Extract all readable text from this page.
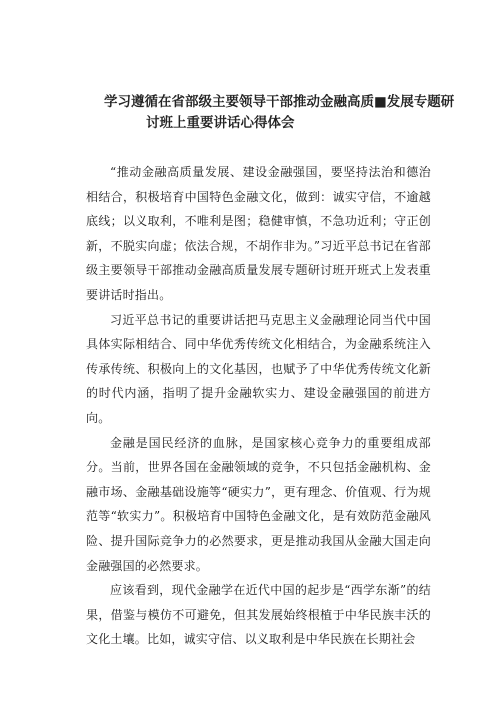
学习遵循在省部级主要领导干部推动金融高质■发展专题研
讨班上重要讲话心得体会

“推动金融高质量发展、建设金融强国，要坚持法治和德治相结合，积极培育中国特色金融文化，做到：诚实守信，不逾越底线；以义取利，不唯利是图；稳健审慎，不急功近利；守正创新，不脱实向虚；依法合规，不胡作非为。”习近平总书记在省部级主要领导干部推动金融高质量发展专题研讨班开班式上发表重要讲话时指出。

习近平总书记的重要讲话把马克思主义金融理论同当代中国具体实际相结合、同中华优秀传统文化相结合，为金融系统注入传承传统、积极向上的文化基因，也赋予了中华优秀传统文化新的时代内涵，指明了提升金融软实力、建设金融强国的前进方向。

金融是国民经济的血脉，是国家核心竞争力的重要组成部分。当前，世界各国在金融领域的竞争，不只包括金融机构、金融市场、金融基础设施等“硬实力”，更有理念、价值观、行为规范等“软实力”。积极培育中国特色金融文化，是有效防范金融风险、提升国际竞争力的必然要求，更是推动我国从金融大国走向金融强国的必然要求。

应该看到，现代金融学在近代中国的起步是“西学东渐”的结果，借鉴与模仿不可避免，但其发展始终根植于中华民族丰沃的文化土壤。比如，诚实守信、以义取利是中华民族在长期社会
